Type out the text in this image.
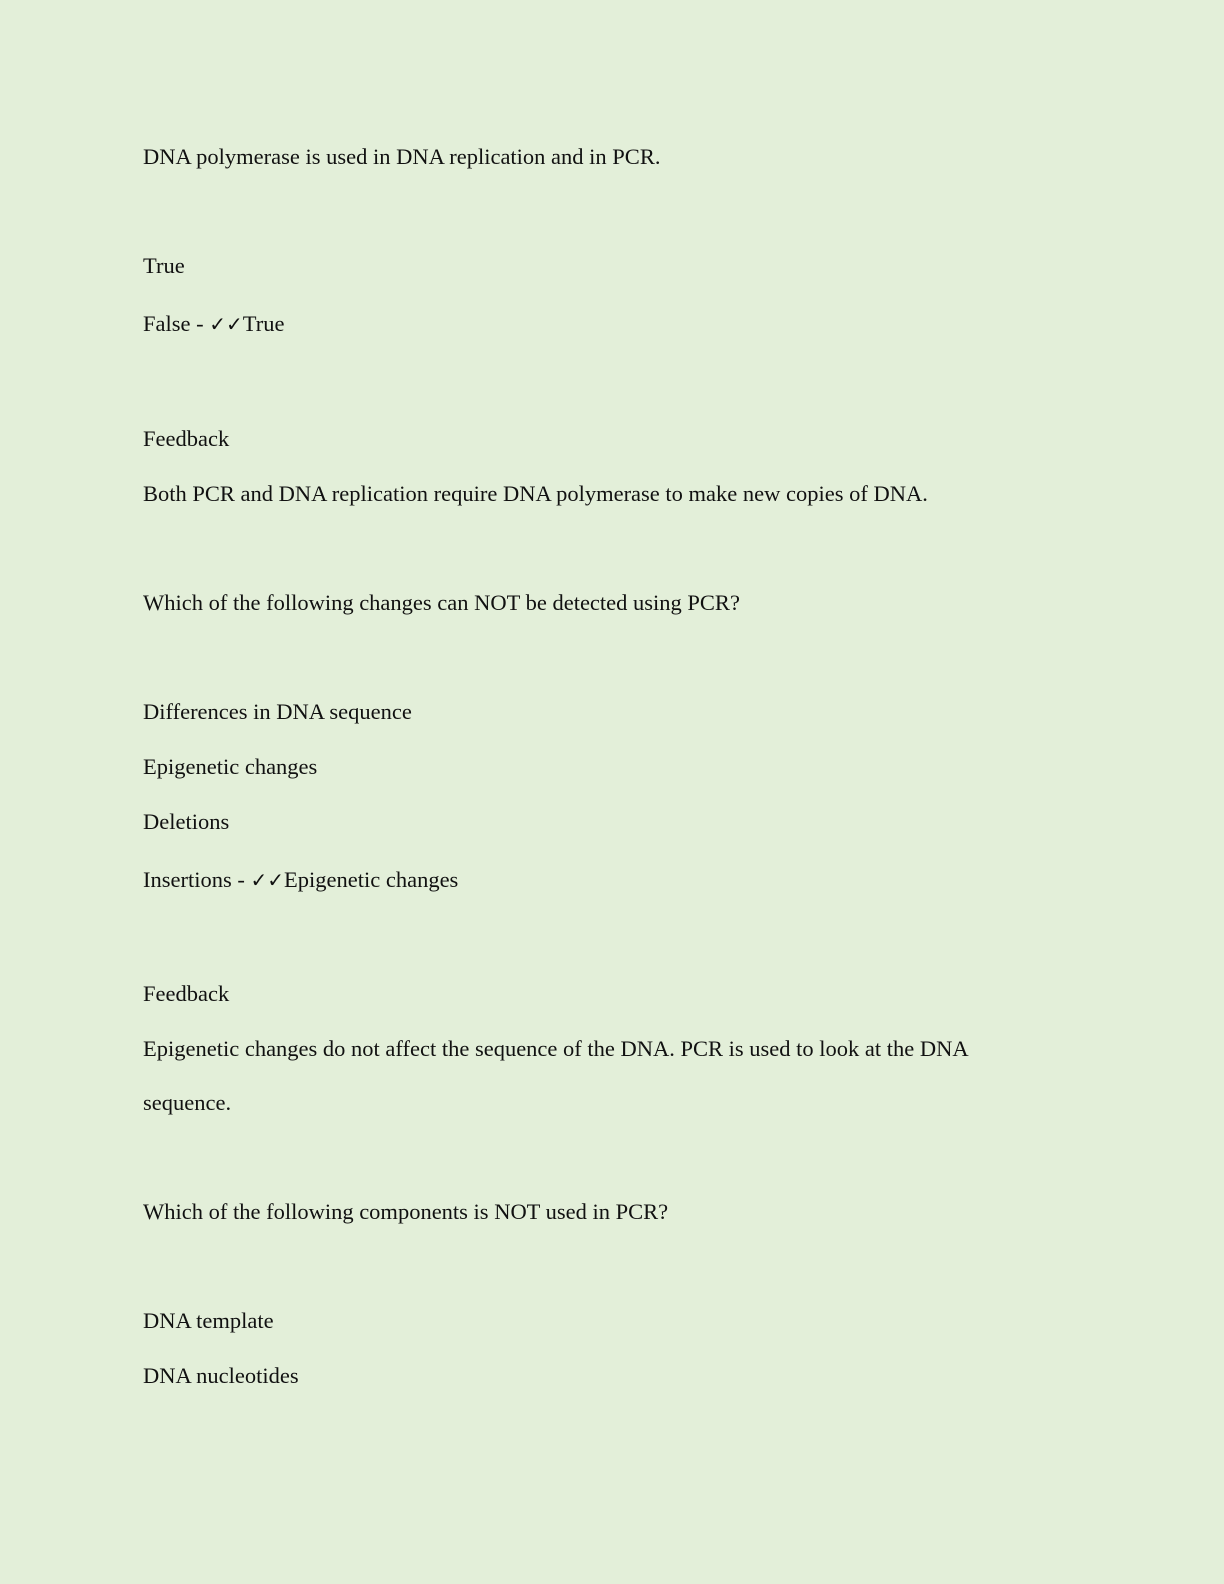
DNA polymerase is used in DNA replication and in PCR.

True

False - ✓✓True

Feedback

Both PCR and DNA replication require DNA polymerase to make new copies of DNA.

Which of the following changes can NOT be detected using PCR?

Differences in DNA sequence

Epigenetic changes

Deletions

Insertions - ✓✓Epigenetic changes

Feedback

Epigenetic changes do not affect the sequence of the DNA. PCR is used to look at the DNA

sequence.

Which of the following components is NOT used in PCR?

DNA template

DNA nucleotides
